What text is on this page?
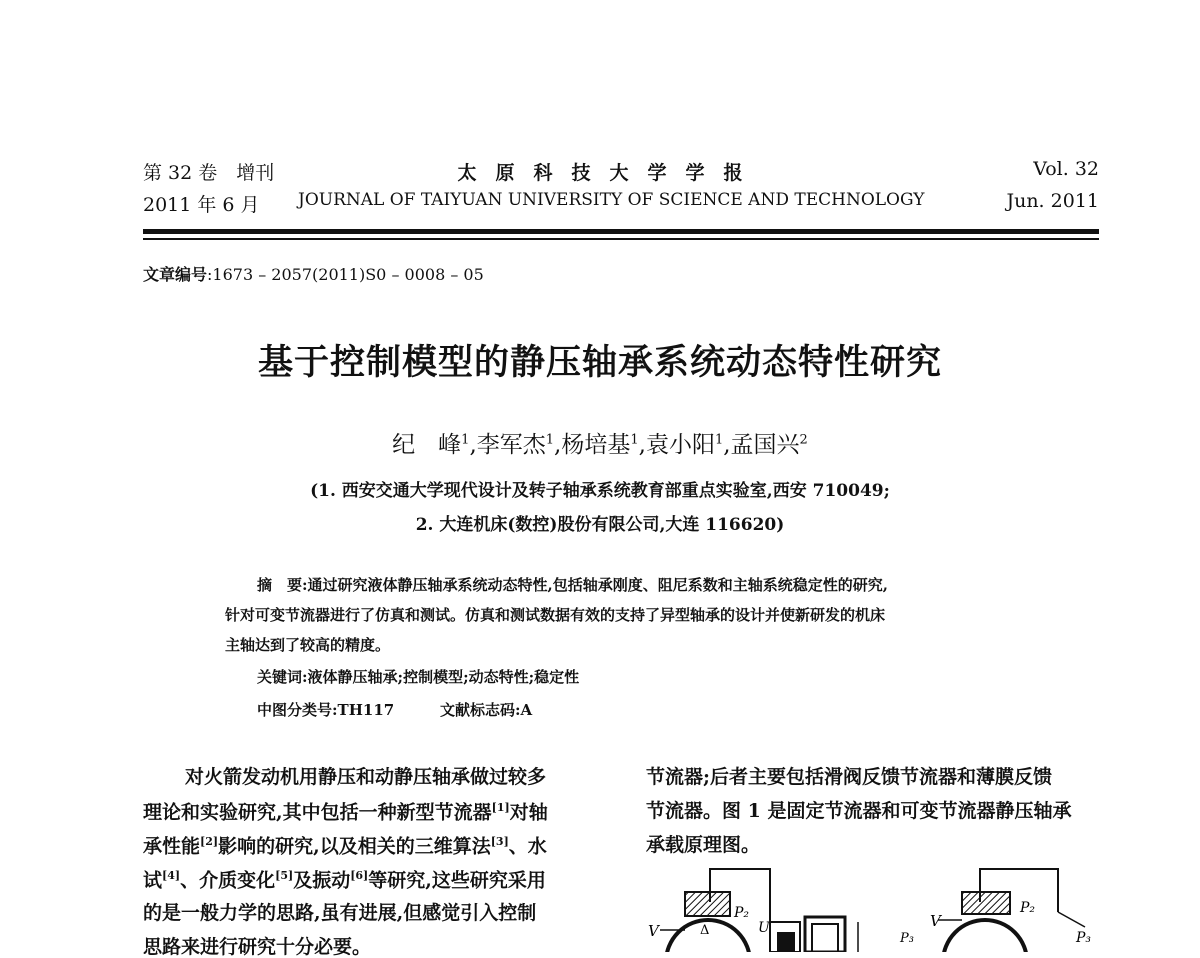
第 32 卷　增刊
2011 年 6 月
太　原　科　技　大　学　学　报
JOURNAL OF TAIYUAN UNIVERSITY OF SCIENCE AND TECHNOLOGY
Vol. 32
Jun. 2011
文章编号:1673 – 2057(2011)S0 – 0008 – 05
基于控制模型的静压轴承系统动态特性研究
纪　峰$^1$,李军杰$^1$,杨培基$^1$,袁小阳$^1$,孟国兴$^2$
(1. 西安交通大学现代设计及转子轴承系统教育部重点实验室,西安 710049;
2. 大连机床(数控)股份有限公司,大连 116620)
摘　要:通过研究液体静压轴承系统动态特性,包括轴承刚度、阻尼系数和主轴系统稳定性的研究,
针对可变节流器进行了仿真和测试。仿真和测试数据有效的支持了异型轴承的设计并使新研发的机床
主轴达到了较高的精度。
关键词:液体静压轴承;控制模型;动态特性;稳定性
中图分类号:TH117	文献标志码:A
对火箭发动机用静压和动静压轴承做过较多
理论和实验研究,其中包括一种新型节流器[1]对轴
承性能[2]影响的研究,以及相关的三维算法[3]、水
试[4]、介质变化[5]及振动[6]等研究,这些研究采用
的是一般力学的思路,虽有进展,但感觉引入控制
思路来进行研究十分必要。
节流器;后者主要包括滑阀反馈节流器和薄膜反馈
节流器。图 1 是固定节流器和可变节流器静压轴承
承载原理图。
V
P₂
U
Δ
P₃
V
P₂
P₃
